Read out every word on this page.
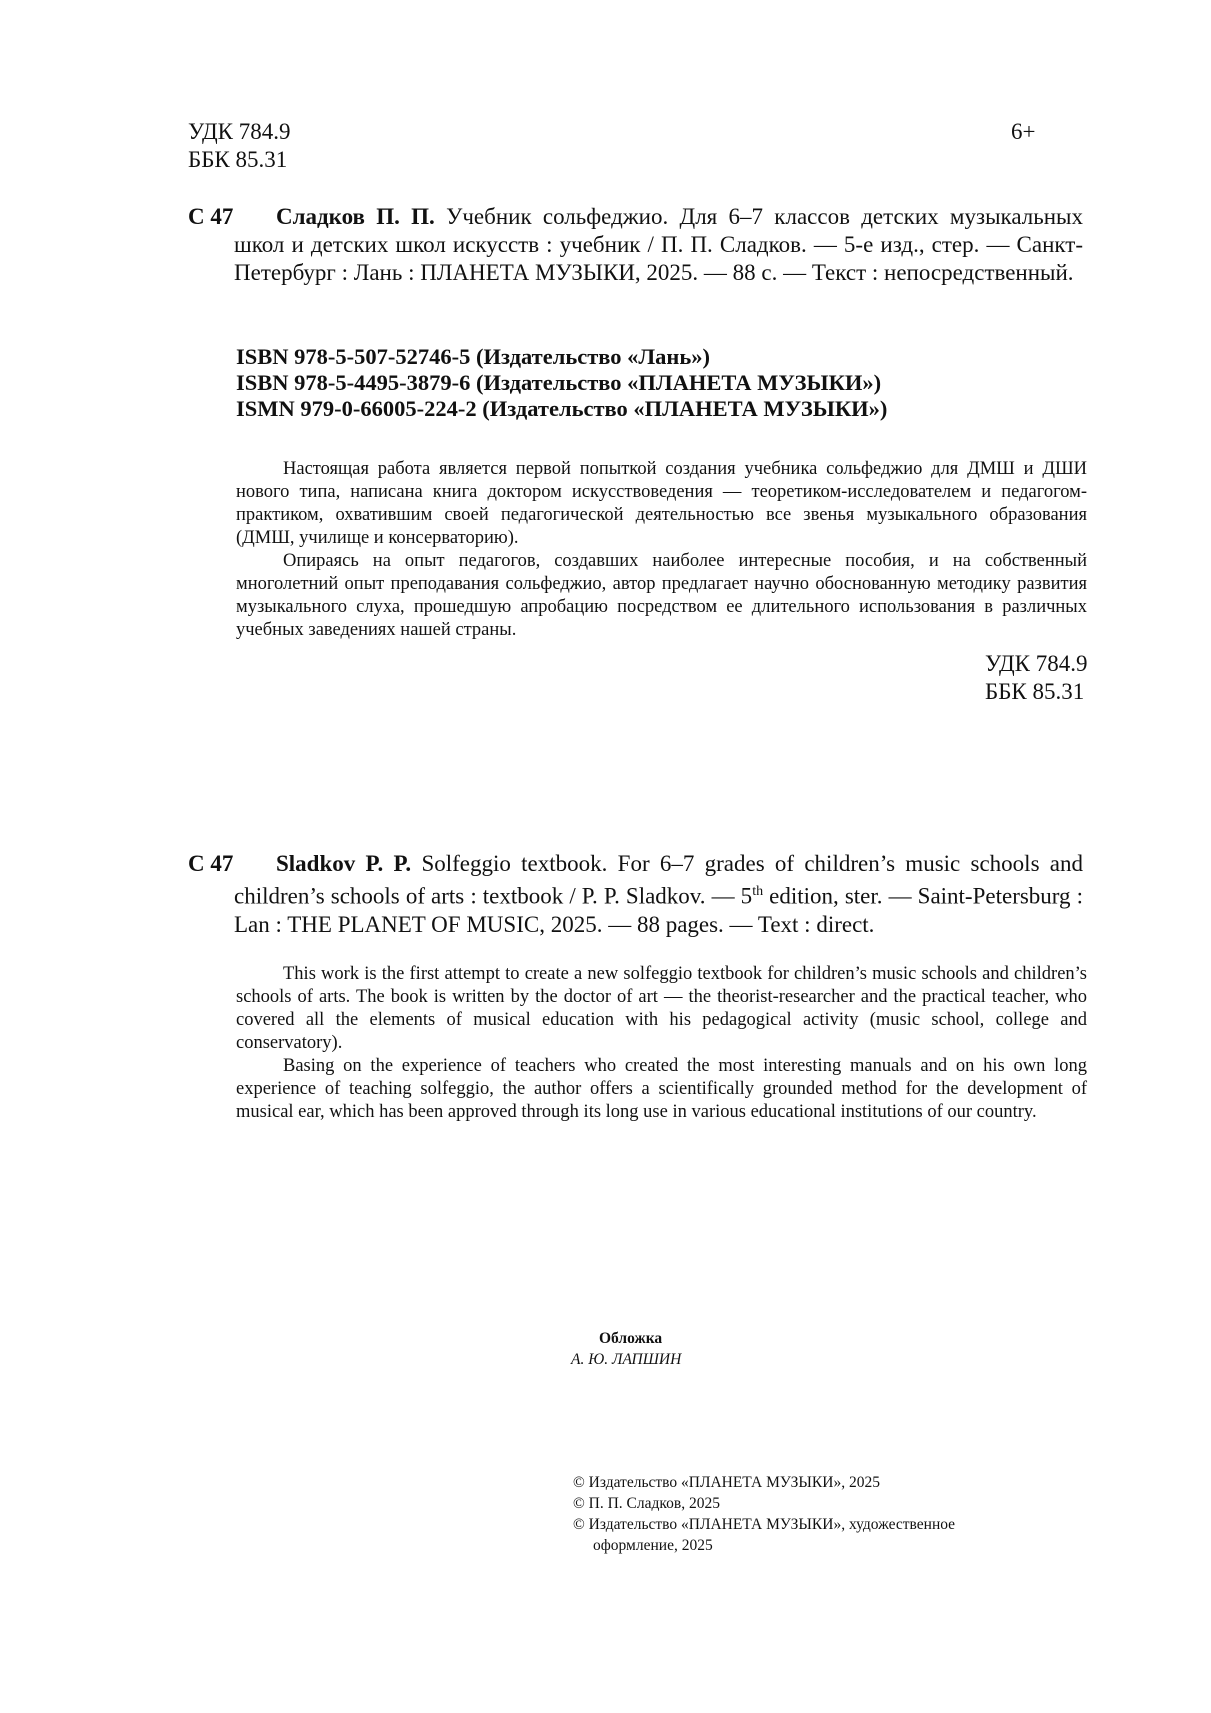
УДК 784.9
ББК 85.31
6+
С 47	Сладков П. П. Учебник сольфеджио. Для 6–7 классов детских музыкальных школ и детских школ искусств : учебник / П. П. Сладков. — 5-е изд., стер. — Санкт-Петербург : Лань : ПЛАНЕТА МУЗЫКИ, 2025. — 88 с. — Текст : непосредственный.
ISBN 978-5-507-52746-5 (Издательство «Лань»)
ISBN 978-5-4495-3879-6 (Издательство «ПЛАНЕТА МУЗЫКИ»)
ISMN 979-0-66005-224-2 (Издательство «ПЛАНЕТА МУЗЫКИ»)

Настоящая работа является первой попыткой создания учебника сольфеджио для ДМШ и ДШИ нового типа, написана книга доктором искусствоведения — теоретиком-исследователем и педагогом-практиком, охватившим своей педагогической деятельностью все звенья музыкального образования (ДМШ, училище и консерваторию).

Опираясь на опыт педагогов, создавших наиболее интересные пособия, и на собственный многолетний опыт преподавания сольфеджио, автор предлагает научно обоснованную методику развития музыкального слуха, прошедшую апробацию посредством ее длительного использования в различных учебных заведениях нашей страны.

УДК 784.9
ББК 85.31
С 47	Sladkov P. P. Solfeggio textbook. For 6–7 grades of children’s music schools and children’s schools of arts : textbook / P. P. Sladkov. — 5th edition, ster. — Saint-Petersburg : Lan : THE PLANET OF MUSIC, 2025. — 88 pages. — Text : direct.

This work is the first attempt to create a new solfeggio textbook for children’s music schools and children’s schools of arts. The book is written by the doctor of art — the theorist-researcher and the practical teacher, who covered all the elements of musical education with his pedagogical activity (music school, college and conservatory).

Basing on the experience of teachers who created the most interesting manuals and on his own long experience of teaching solfeggio, the author offers a scientifically grounded method for the development of musical ear, which has been approved through its long use in various educational institutions of our country.

Обложка
А. Ю. ЛАПШИН
© Издательство «ПЛАНЕТА МУЗЫКИ», 2025
© П. П. Сладков, 2025
© Издательство «ПЛАНЕТА МУЗЫКИ», художественное
оформление, 2025
